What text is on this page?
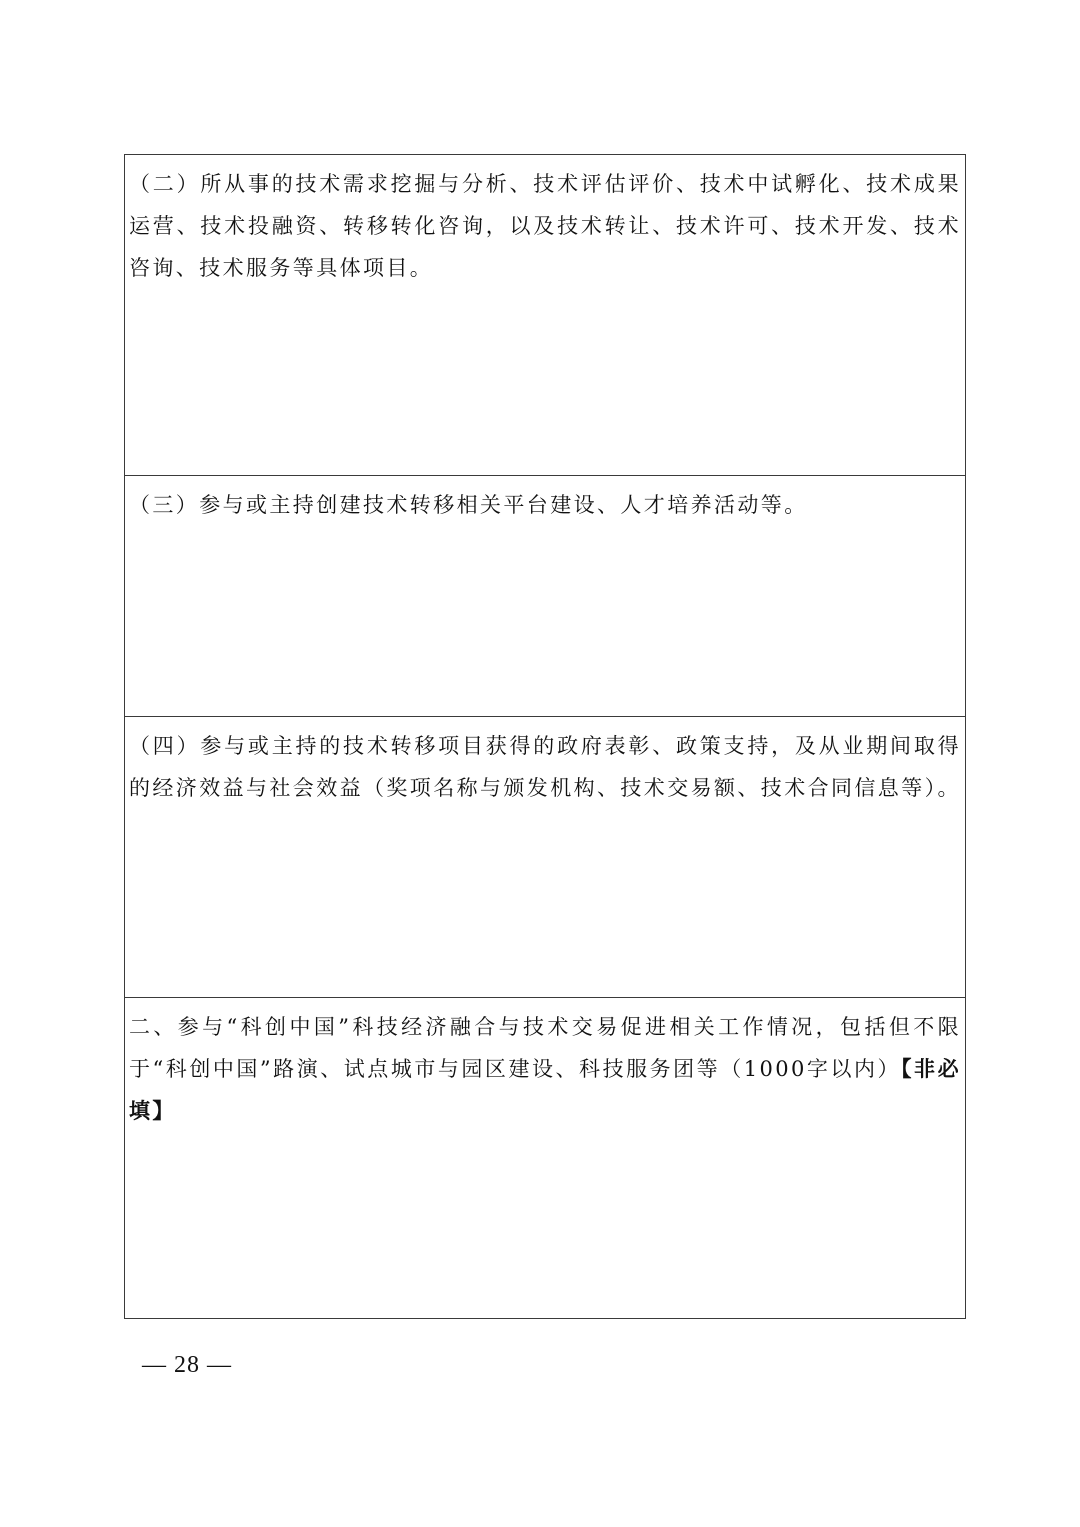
（二）所从事的技术需求挖掘与分析、技术评估评价、技术中试孵化、技术成果运营、技术投融资、转移转化咨询，以及技术转让、技术许可、技术开发、技术咨询、技术服务等具体项目。

（三）参与或主持创建技术转移相关平台建设、人才培养活动等。

（四）参与或主持的技术转移项目获得的政府表彰、政策支持，及从业期间取得的经济效益与社会效益（奖项名称与颁发机构、技术交易额、技术合同信息等）。

二、参与“科创中国”科技经济融合与技术交易促进相关工作情况，包括但不限于“科创中国”路演、试点城市与园区建设、科技服务团等（1000字以内）【非必填】
— 28 —
